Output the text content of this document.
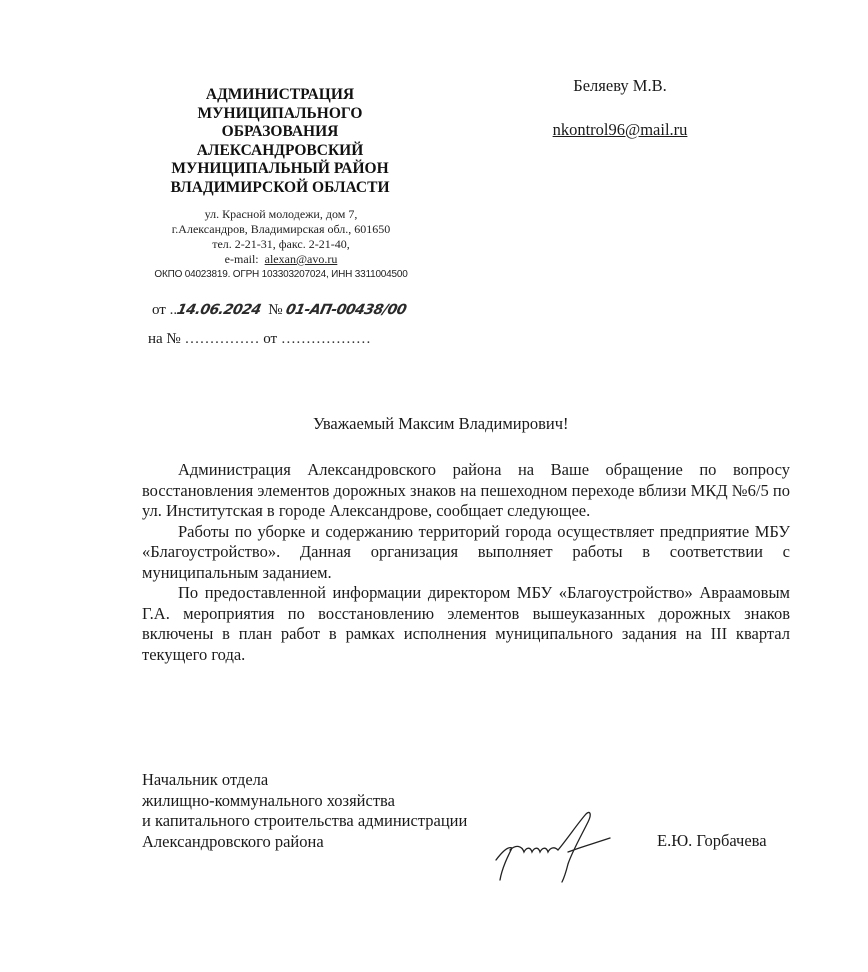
АДМИНИСТРАЦИЯ
МУНИЦИПАЛЬНОГО
ОБРАЗОВАНИЯ
АЛЕКСАНДРОВСКИЙ
МУНИЦИПАЛЬНЫЙ РАЙОН
ВЛАДИМИРСКОЙ ОБЛАСТИ
ул. Красной молодежи, дом 7,
г.Александров, Владимирская обл., 601650
тел. 2-21-31, факс. 2-21-40,
e-mail: alexan@avo.ru
ОКПО 04023819. ОГРН 103303207024, ИНН 3311004500
Беляеву М.В.
nkontrol96@mail.ru
от ..14.06.2024 № 01-АП-00438/00
на № …………… от ………………
Уважаемый Максим Владимирович!

Администрация Александровского района на Ваше обращение по вопросу восстановления элементов дорожных знаков на пешеходном переходе вблизи МКД №6/5 по ул. Институтская в городе Александрове, сообщает следующее.

Работы по уборке и содержанию территорий города осуществляет предприятие МБУ «Благоустройство». Данная организация выполняет работы в соответствии с муниципальным заданием.

По предоставленной информации директором МБУ «Благоустройство» Авраамовым Г.А. мероприятия по восстановлению элементов вышеуказанных дорожных знаков включены в план работ в рамках исполнения муниципального задания на III квартал текущего года.

Начальник отдела
жилищно-коммунального хозяйства
и капитального строительства администрации
Александровского района	Е.Ю. Горбачева
